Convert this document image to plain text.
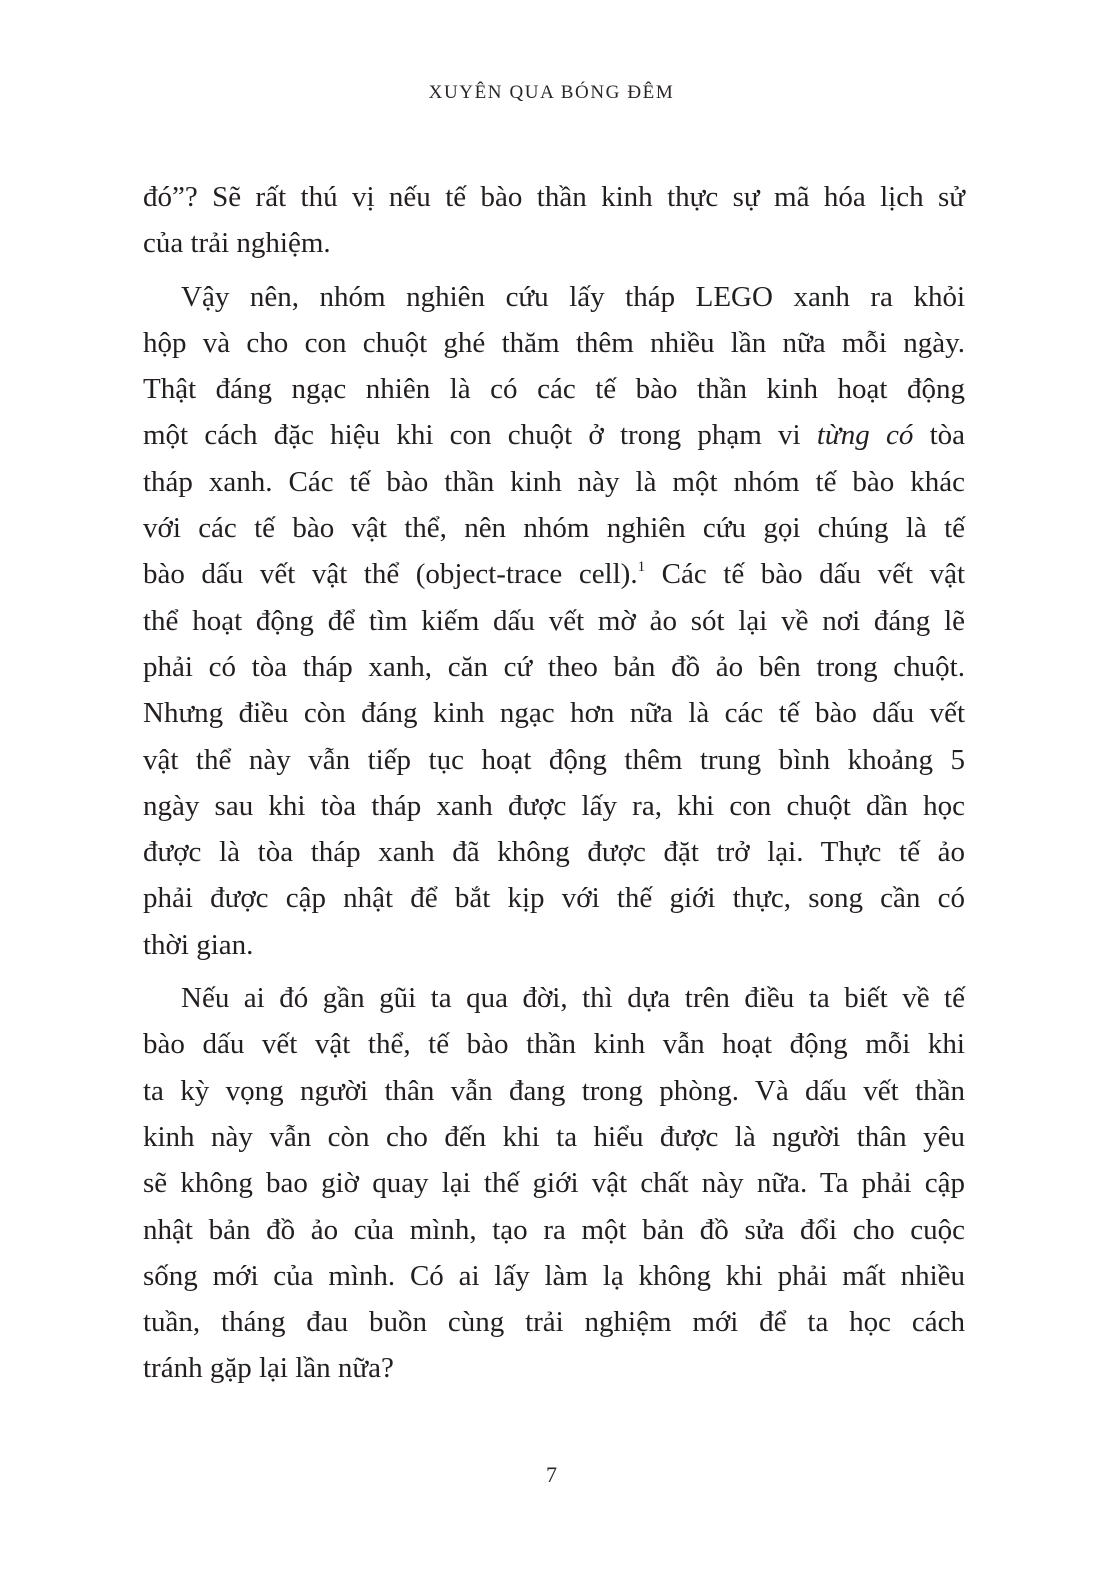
XUYÊN QUA BÓNG ĐÊM
đó”? Sẽ rất thú vị nếu tế bào thần kinh thực sự mã hóa lịch sử
của trải nghiệm.
Vậy nên, nhóm nghiên cứu lấy tháp LEGO xanh ra khỏi
hộp và cho con chuột ghé thăm thêm nhiều lần nữa mỗi ngày.
Thật đáng ngạc nhiên là có các tế bào thần kinh hoạt động
một cách đặc hiệu khi con chuột ở trong phạm vi từng có tòa
tháp xanh. Các tế bào thần kinh này là một nhóm tế bào khác
với các tế bào vật thể, nên nhóm nghiên cứu gọi chúng là tế
bào dấu vết vật thể (object-trace cell).$^1$ Các tế bào dấu vết vật
thể hoạt động để tìm kiếm dấu vết mờ ảo sót lại về nơi đáng lẽ
phải có tòa tháp xanh, căn cứ theo bản đồ ảo bên trong chuột.
Nhưng điều còn đáng kinh ngạc hơn nữa là các tế bào dấu vết
vật thể này vẫn tiếp tục hoạt động thêm trung bình khoảng 5
ngày sau khi tòa tháp xanh được lấy ra, khi con chuột dần học
được là tòa tháp xanh đã không được đặt trở lại. Thực tế ảo
phải được cập nhật để bắt kịp với thế giới thực, song cần có
thời gian.
Nếu ai đó gần gũi ta qua đời, thì dựa trên điều ta biết về tế
bào dấu vết vật thể, tế bào thần kinh vẫn hoạt động mỗi khi
ta kỳ vọng người thân vẫn đang trong phòng. Và dấu vết thần
kinh này vẫn còn cho đến khi ta hiểu được là người thân yêu
sẽ không bao giờ quay lại thế giới vật chất này nữa. Ta phải cập
nhật bản đồ ảo của mình, tạo ra một bản đồ sửa đổi cho cuộc
sống mới của mình. Có ai lấy làm lạ không khi phải mất nhiều
tuần, tháng đau buồn cùng trải nghiệm mới để ta học cách
tránh gặp lại lần nữa?
7
